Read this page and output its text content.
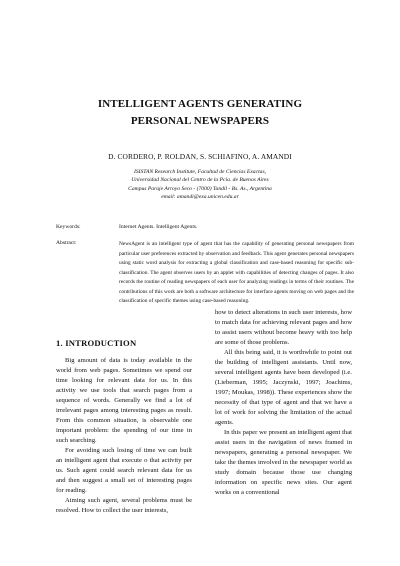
INTELLIGENT AGENTS GENERATING
PERSONAL NEWSPAPERS
D. CORDERO, P. ROLDAN, S. SCHIAFINO, A. AMANDI
ISISTAN Research Institute, Facultad de Ciencias Exactas,
Universidad Nacional del Centro de la Pcia. de Buenos Aires
Campus Paraje Arroyo Seco - (7000) Tandil - Bs. As., Argentina
email: amandi@exa.unicen.edu.ar
Keywords:	Internet Agents. Intelligent Agents.
Abstract:	NewsAgent is an intelligent type of agent that has the capability of generating personal newspapers from particular user preferences extracted by observation and feedback. This agent generates personal newspapers using static word analysis for extracting a global classification and case-based reasoning for specific sub-classification. The agent observes users by an applet with capabilities of detecting changes of pages. It also records the routine of reading newspapers of each user for analyzing readings in terms of their routines. The contributions of this work are both a software architecture for interface agents moving on web pages and the classification of specific themes using case-based reasoning.
1. INTRODUCTION

Big amount of data is today available in the world from web pages. Sometimes we spend our time looking for relevant data for us. In this activity we use tools that search pages from a sequence of words. Generally we find a lot of irrelevant pages among interesting pages as result. From this common situation, is observable one important problem: the spending of our time in such searching.

For avoiding such losing of time we can built an intelligent agent that execute o that activity per us. Such agent could search relevant data for us and then suggest a small set of interesting pages for reading.

Aiming such agent, several problems must be resolved. How to collect the user interests,

how to detect alterations in such user interests, how to match data for achieving relevant pages and how to assist users without become heavy with too help are some of those problems.

All this being said, it is worthwhile to point out the building of intelligent assistants. Until now, several intelligent agents have been developed (i.e. (Lieberman, 1995; Jaczynski, 1997; Joachims, 1997; Moukas, 1998)). These experiences show the necessity of that type of agent and that we have a lot of work for solving the limitation of the actual agents.

In this paper we present an intelligent agent that assist users in the navigation of news framed in newspapers, generating a personal newspaper. We take the themes involved in the newspaper world as study domain because those use changing information on specific news sites. Our agent works on a conventional
